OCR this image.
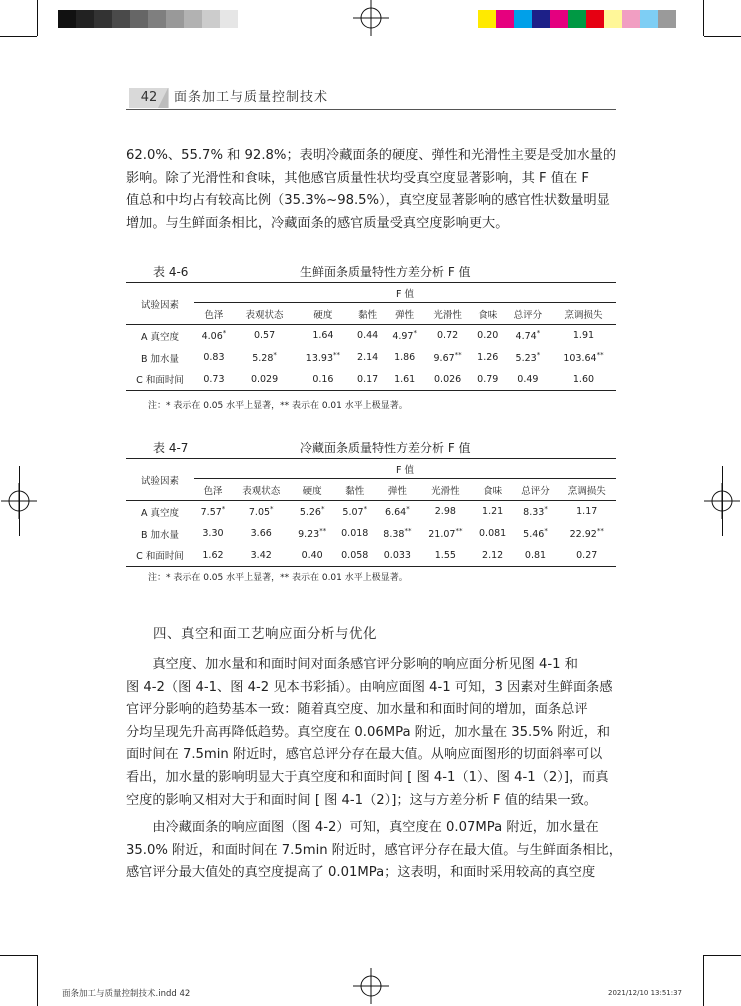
42	面条加工与质量控制技术
62.0%、55.7% 和 92.8%；表明冷藏面条的硬度、弹性和光滑性主要是受加水量的
影响。除了光滑性和食味，其他感官质量性状均受真空度显著影响，其 F 值在 F
值总和中均占有较高比例（35.3%~98.5%），真空度显著影响的感官性状数量明显
增加。与生鲜面条相比，冷藏面条的感官质量受真空度影响更大。
表 4-6	生鲜面条质量特性方差分析 F 值
试验因素	F 值								
	色泽	表观状态	硬度	黏性	弹性	光滑性	食味	总评分	烹调损失
A 真空度	4.06*	0.57	1.64	0.44	4.97*	0.72	0.20	4.74*	1.91
B 加水量	0.83	5.28*	13.93**	2.14	1.86	9.67**	1.26	5.23*	103.64**
C 和面时间	0.73	0.029	0.16	0.17	1.61	0.026	0.79	0.49	1.60

注：* 表示在 0.05 水平上显著，** 表示在 0.01 水平上极显著。
表 4-7	冷藏面条质量特性方差分析 F 值
试验因素	F 值								
	色泽	表观状态	硬度	黏性	弹性	光滑性	食味	总评分	烹调损失
A 真空度	7.57*	7.05*	5.26*	5.07*	6.64*	2.98	1.21	8.33*	1.17
B 加水量	3.30	3.66	9.23**	0.018	8.38**	21.07**	0.081	5.46*	22.92**
C 和面时间	1.62	3.42	0.40	0.058	0.033	1.55	2.12	0.81	0.27

注：* 表示在 0.05 水平上显著，** 表示在 0.01 水平上极显著。
四、真空和面工艺响应面分析与优化
　　真空度、加水量和和面时间对面条感官评分影响的响应面分析见图 4-1 和
图 4-2（图 4-1、图 4-2 见本书彩插）。由响应面图 4-1 可知，3 因素对生鲜面条感
官评分影响的趋势基本一致：随着真空度、加水量和和面时间的增加，面条总评
分均呈现先升高再降低趋势。真空度在 0.06MPa 附近，加水量在 35.5% 附近，和
面时间在 7.5min 附近时，感官总评分存在最大值。从响应面图形的切面斜率可以
看出，加水量的影响明显大于真空度和和面时间 [ 图 4-1（1）、图 4-1（2）]，而真
空度的影响又相对大于和面时间 [ 图 4-1（2）]；这与方差分析 F 值的结果一致。
　　由冷藏面条的响应面图（图 4-2）可知，真空度在 0.07MPa 附近，加水量在
35.0% 附近，和面时间在 7.5min 附近时，感官评分存在最大值。与生鲜面条相比，
感官评分最大值处的真空度提高了 0.01MPa；这表明，和面时采用较高的真空度
面条加工与质量控制技术.indd 42	2021/12/10 13:51:37
